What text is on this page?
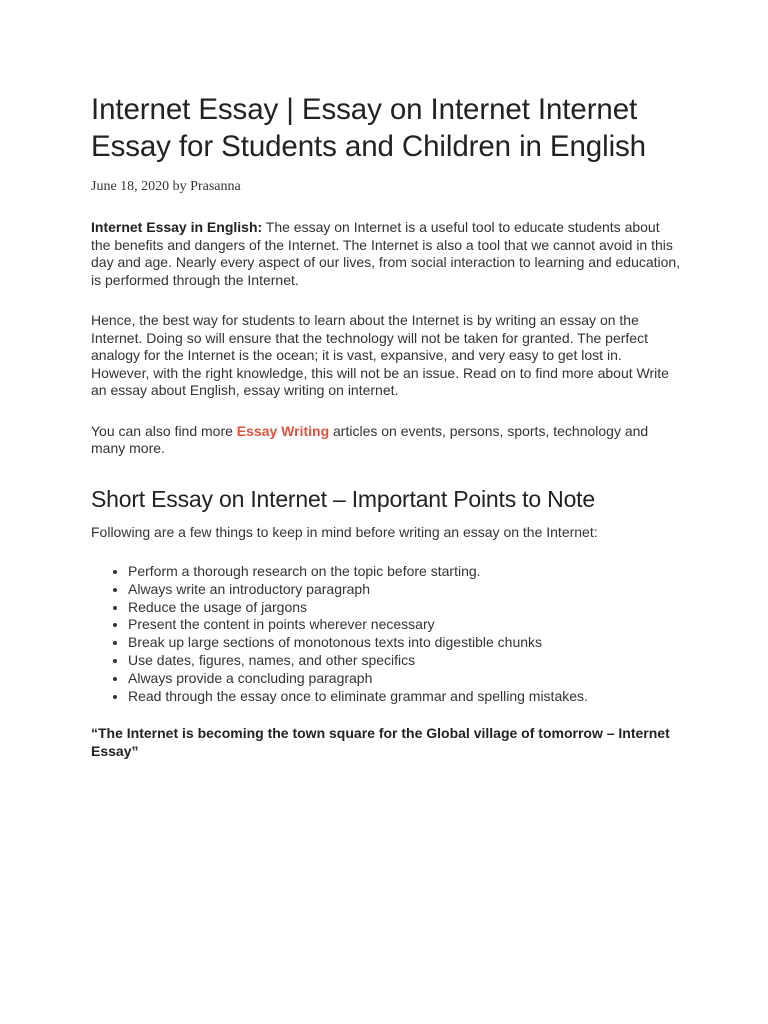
Internet Essay | Essay on Internet Internet Essay for Students and Children in English
June 18, 2020 by Prasanna

Internet Essay in English: The essay on Internet is a useful tool to educate students about the benefits and dangers of the Internet. The Internet is also a tool that we cannot avoid in this day and age. Nearly every aspect of our lives, from social interaction to learning and education, is performed through the Internet.

Hence, the best way for students to learn about the Internet is by writing an essay on the Internet. Doing so will ensure that the technology will not be taken for granted. The perfect analogy for the Internet is the ocean; it is vast, expansive, and very easy to get lost in. However, with the right knowledge, this will not be an issue. Read on to find more about Write an essay about English, essay writing on internet.

You can also find more Essay Writing articles on events, persons, sports, technology and many more.

Short Essay on Internet – Important Points to Note

Following are a few things to keep in mind before writing an essay on the Internet:

• Perform a thorough research on the topic before starting.
• Always write an introductory paragraph
• Reduce the usage of jargons
• Present the content in points wherever necessary
• Break up large sections of monotonous texts into digestible chunks
• Use dates, figures, names, and other specifics
• Always provide a concluding paragraph
• Read through the essay once to eliminate grammar and spelling mistakes.

“The Internet is becoming the town square for the Global village of tomorrow – Internet Essay”
